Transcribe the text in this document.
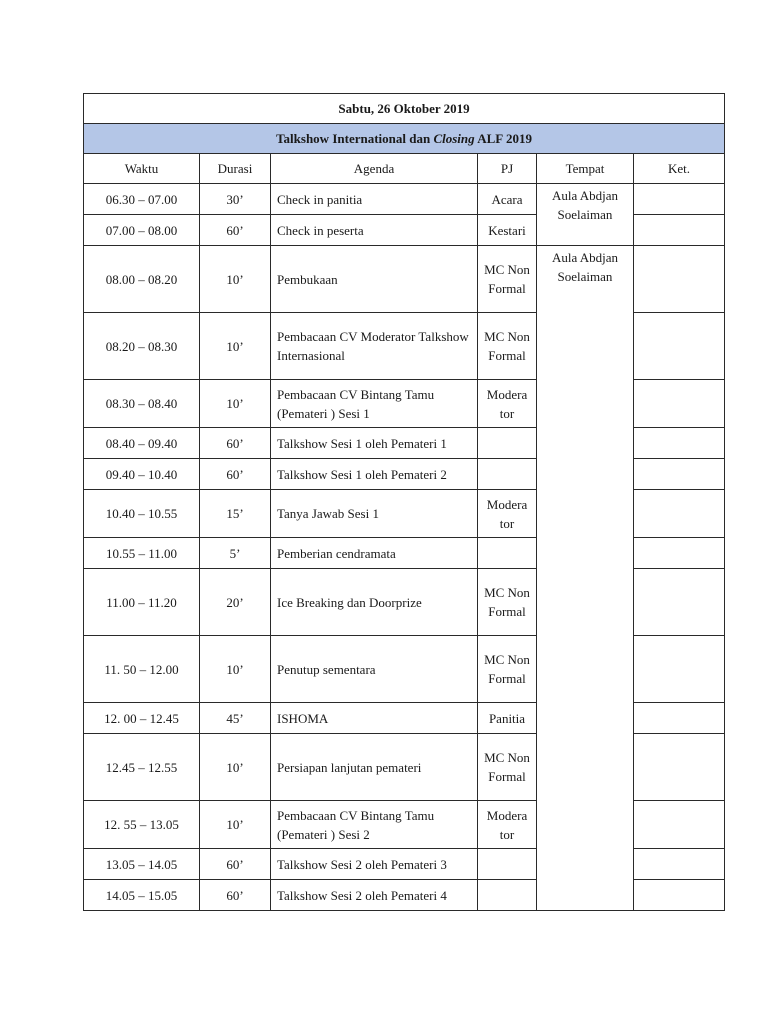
Sabtu, 26 Oktober 2019					
Talkshow International dan Closing ALF 2019					
Waktu	Durasi	Agenda	PJ	Tempat	Ket.
06.30 – 07.00	30’	Check in panitia	Acara	Aula Abdjan Soelaiman	
07.00 – 08.00	60’	Check in peserta	Kestari		
08.00 – 08.20	10’	Pembukaan	MC Non Formal	Aula Abdjan Soelaiman	
08.20 – 08.30	10’	Pembacaan CV Moderator Talkshow Internasional	MC Non Formal		
08.30 – 08.40	10’	Pembacaan CV Bintang Tamu (Pemateri ) Sesi 1	Modera tor		
08.40 – 09.40	60’	Talkshow Sesi 1 oleh Pemateri 1			
09.40 – 10.40	60’	Talkshow Sesi 1 oleh Pemateri 2			
10.40 – 10.55	15’	Tanya Jawab Sesi 1	Modera tor		
10.55 – 11.00	5’	Pemberian cendramata			
11.00 – 11.20	20’	Ice Breaking dan Doorprize	MC Non Formal		
11. 50 – 12.00	10’	Penutup sementara	MC Non Formal		
12. 00 – 12.45	45’	ISHOMA	Panitia		
12.45 – 12.55	10’	Persiapan lanjutan pemateri	MC Non Formal		
12. 55 – 13.05	10’	Pembacaan CV Bintang Tamu (Pemateri ) Sesi 2	Modera tor		
13.05 – 14.05	60’	Talkshow Sesi 2 oleh Pemateri 3			
14.05 – 15.05	60’	Talkshow Sesi 2 oleh Pemateri 4			
